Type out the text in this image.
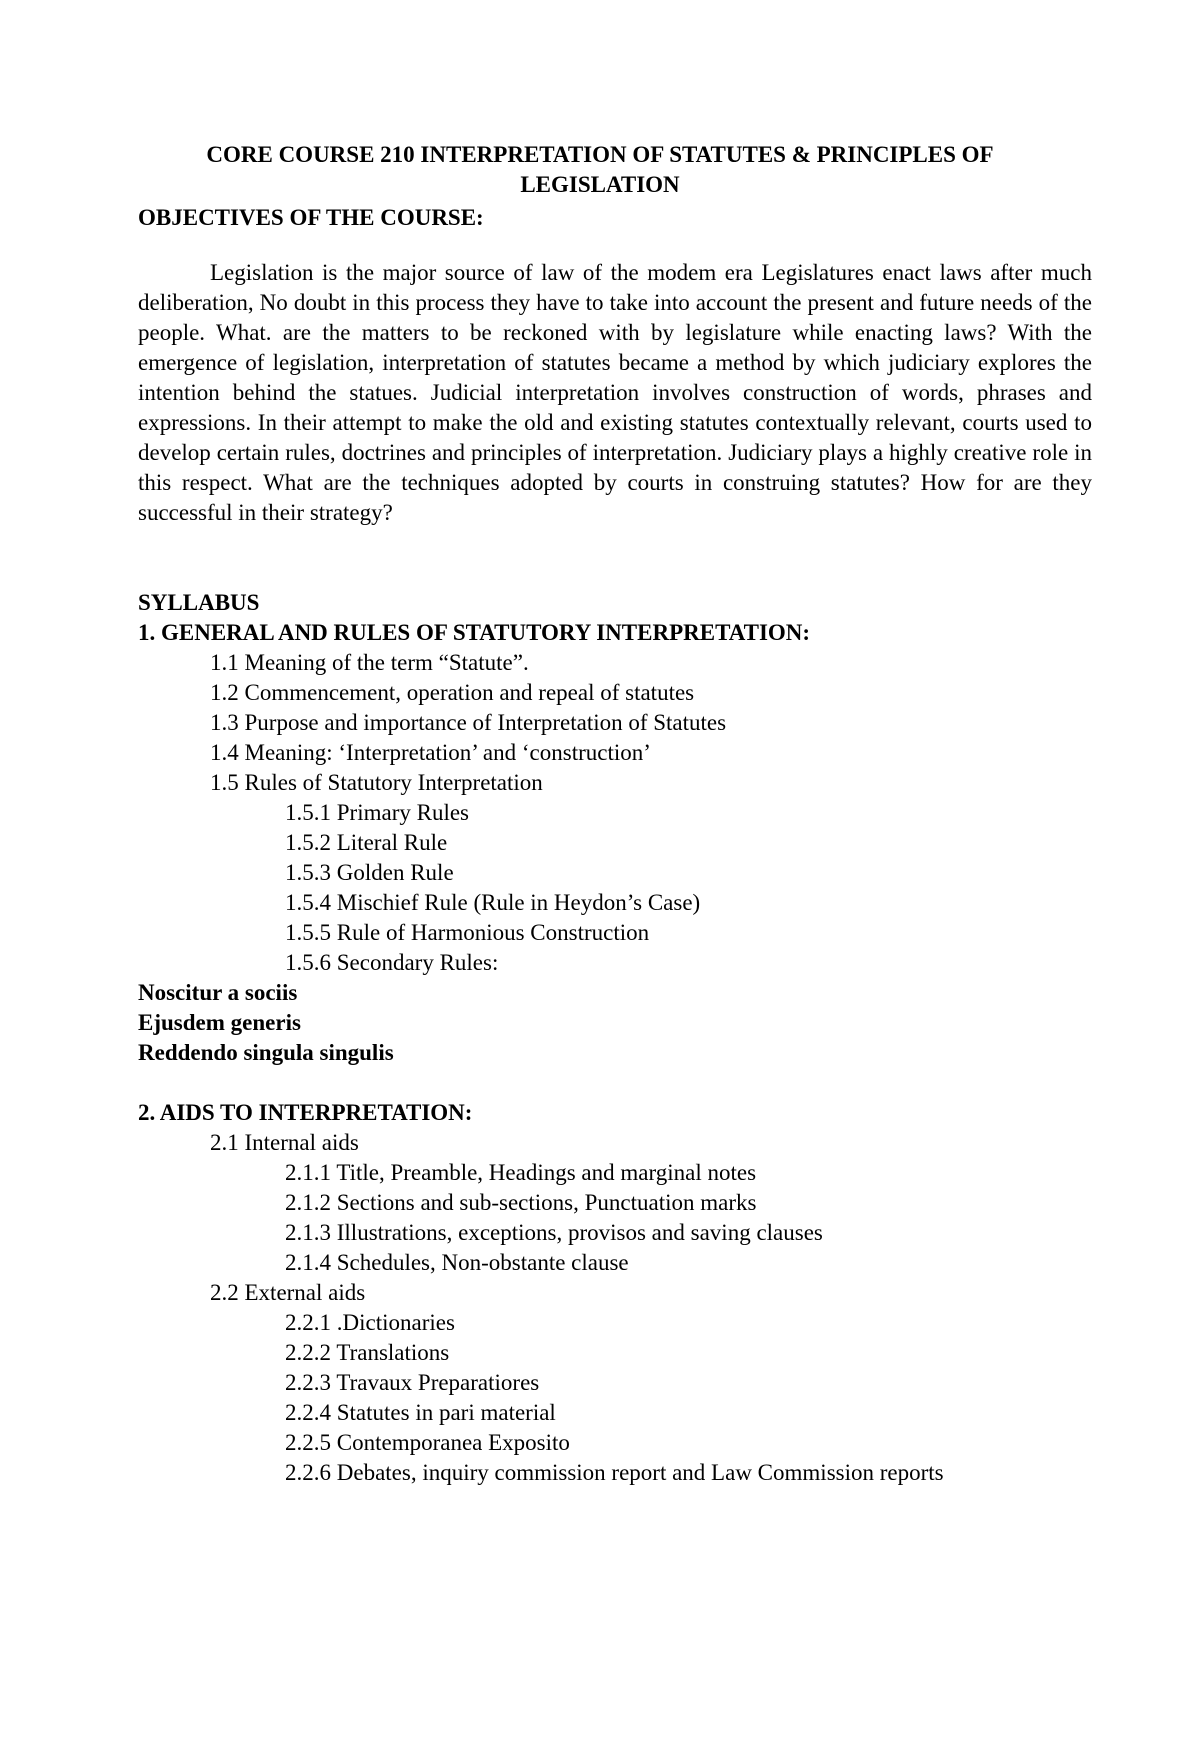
CORE COURSE 210 INTERPRETATION OF STATUTES & PRINCIPLES OF
LEGISLATION
OBJECTIVES OF THE COURSE:

Legislation is the major source of law of the modem era Legislatures enact laws after much deliberation, No doubt in this process they have to take into account the present and future needs of the people. What. are the matters to be reckoned with by legislature while enacting laws? With the emergence of legislation, interpretation of statutes became a method by which judiciary explores the intention behind the statues. Judicial interpretation involves construction of words, phrases and expressions. In their attempt to make the old and existing statutes contextually relevant, courts used to develop certain rules, doctrines and principles of interpretation. Judiciary plays a highly creative role in this respect. What are the techniques adopted by courts in construing statutes? How for are they successful in their strategy?

SYLLABUS
1. GENERAL AND RULES OF STATUTORY INTERPRETATION:
1.1 Meaning of the term “Statute”.
1.2 Commencement, operation and repeal of statutes
1.3 Purpose and importance of Interpretation of Statutes
1.4 Meaning: ‘Interpretation’ and ‘construction’
1.5 Rules of Statutory Interpretation
1.5.1 Primary Rules
1.5.2 Literal Rule
1.5.3 Golden Rule
1.5.4 Mischief Rule (Rule in Heydon’s Case)
1.5.5 Rule of Harmonious Construction
1.5.6 Secondary Rules:
Noscitur a sociis
Ejusdem generis
Reddendo singula singulis
2. AIDS TO INTERPRETATION:
2.1 Internal aids
2.1.1 Title, Preamble, Headings and marginal notes
2.1.2 Sections and sub-sections, Punctuation marks
2.1.3 Illustrations, exceptions, provisos and saving clauses
2.1.4 Schedules, Non-obstante clause
2.2 External aids
2.2.1 .Dictionaries
2.2.2 Translations
2.2.3 Travaux Preparatiores
2.2.4 Statutes in pari material
2.2.5 Contemporanea Exposito
2.2.6 Debates, inquiry commission report and Law Commission reports
